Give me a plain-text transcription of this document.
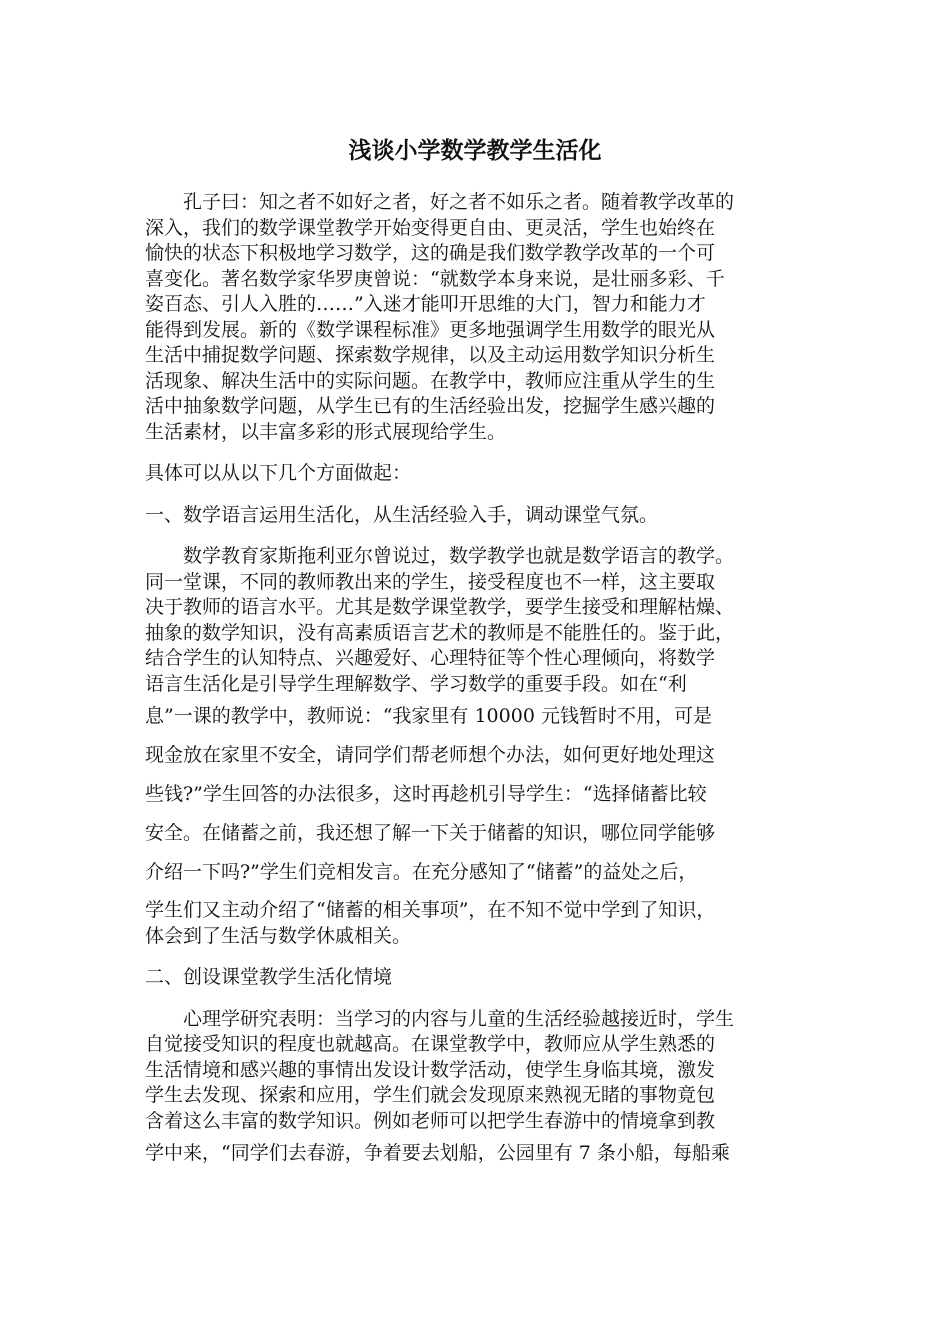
浅谈小学数学教学生活化

孔子曰：知之者不如好之者，好之者不如乐之者。随着教学改革的
深入，我们的数学课堂教学开始变得更自由、更灵活，学生也始终在
愉快的状态下积极地学习数学，这的确是我们数学教学改革的一个可
喜变化。著名数学家华罗庚曾说：“就数学本身来说，是壮丽多彩、千
姿百态、引人入胜的……”入迷才能叩开思维的大门，智力和能力才
能得到发展。新的《数学课程标准》更多地强调学生用数学的眼光从
生活中捕捉数学问题、探索数学规律，以及主动运用数学知识分析生
活现象、解决生活中的实际问题。在教学中，教师应注重从学生的生
活中抽象数学问题，从学生已有的生活经验出发，挖掘学生感兴趣的
生活素材，以丰富多彩的形式展现给学生。

具体可以从以下几个方面做起：

一、数学语言运用生活化，从生活经验入手，调动课堂气氛。

数学教育家斯拖利亚尔曾说过，数学教学也就是数学语言的教学。
同一堂课，不同的教师教出来的学生，接受程度也不一样，这主要取
决于教师的语言水平。尤其是数学课堂教学，要学生接受和理解枯燥、
抽象的数学知识，没有高素质语言艺术的教师是不能胜任的。鉴于此，
结合学生的认知特点、兴趣爱好、心理特征等个性心理倾向，将数学
语言生活化是引导学生理解数学、学习数学的重要手段。如在“利

息”一课的教学中，教师说：“我家里有 10000 元钱暂时不用，可是
现金放在家里不安全，请同学们帮老师想个办法，如何更好地处理这
些钱?”学生回答的办法很多，这时再趁机引导学生：“选择储蓄比较
安全。在储蓄之前，我还想了解一下关于储蓄的知识，哪位同学能够
介绍一下吗?”学生们竞相发言。在充分感知了“储蓄”的益处之后，

学生们又主动介绍了“储蓄的相关事项”，在不知不觉中学到了知识，
体会到了生活与数学休戚相关。

二、创设课堂教学生活化情境

心理学研究表明：当学习的内容与儿童的生活经验越接近时，学生
自觉接受知识的程度也就越高。在课堂教学中，教师应从学生熟悉的
生活情境和感兴趣的事情出发设计数学活动，使学生身临其境，激发
学生去发现、探索和应用，学生们就会发现原来熟视无睹的事物竟包
含着这么丰富的数学知识。例如老师可以把学生春游中的情境拿到教

学中来，“同学们去春游，争着要去划船，公园里有 7 条小船，每船乘
